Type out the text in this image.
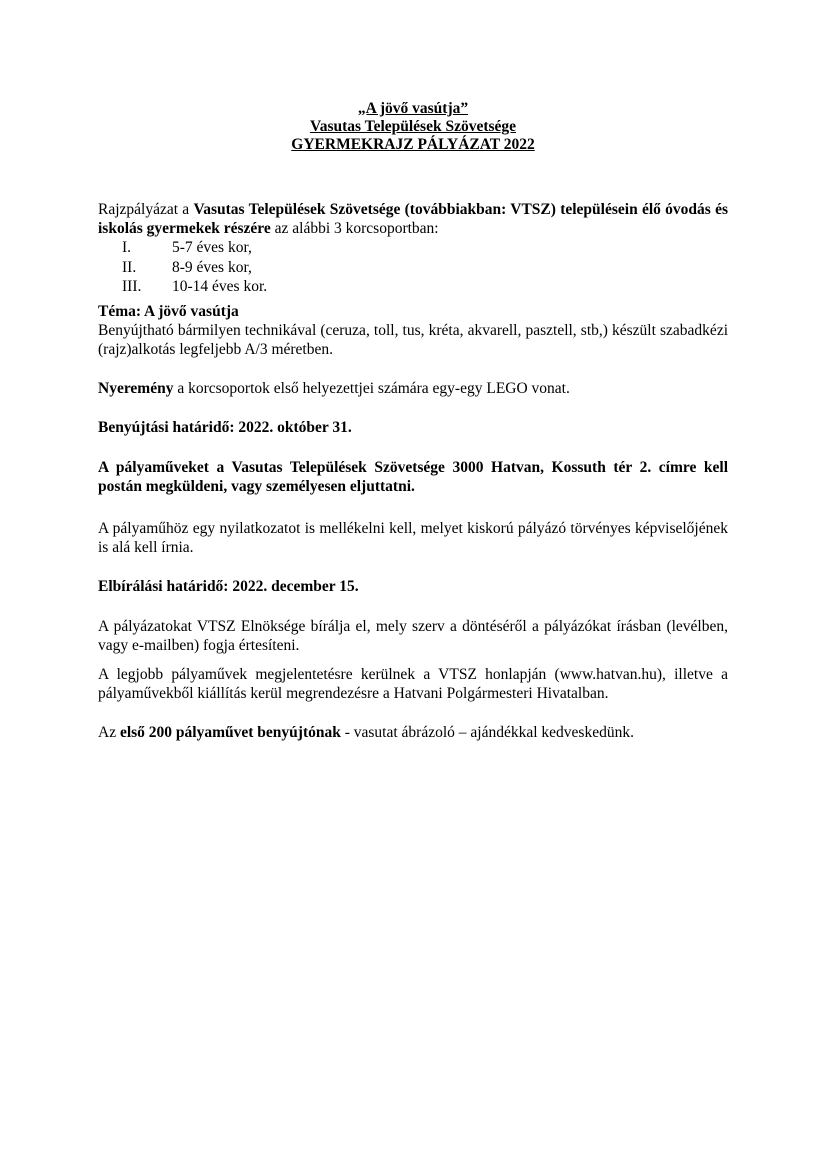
„A jövő vasútja”
Vasutas Települések Szövetsége
GYERMEKRAJZ PÁLYÁZAT 2022

Rajzpályázat a Vasutas Települések Szövetsége (továbbiakban: VTSZ) településein élő óvodás és iskolás gyermekek részére az alábbi 3 korcsoportban:

I.	5-7 éves kor,
II.	8-9 éves kor,
III.	10-14 éves kor.

Téma: A jövő vasútja

Benyújtható bármilyen technikával (ceruza, toll, tus, kréta, akvarell, pasztell, stb,) készült szabadkézi (rajz)alkotás legfeljebb A/3 méretben.

Nyeremény a korcsoportok első helyezettjei számára egy-egy LEGO vonat.

Benyújtási határidő: 2022. október 31.

A pályaműveket a Vasutas Települések Szövetsége 3000 Hatvan, Kossuth tér 2. címre kell postán megküldeni, vagy személyesen eljuttatni.

A pályaműhöz egy nyilatkozatot is mellékelni kell, melyet kiskorú pályázó törvényes képviselőjének is alá kell írnia.

Elbírálási határidő: 2022. december 15.

A pályázatokat VTSZ Elnöksége bírálja el, mely szerv a döntéséről a pályázókat írásban (levélben, vagy e-mailben) fogja értesíteni.

A legjobb pályaművek megjelentetésre kerülnek a VTSZ honlapján (www.hatvan.hu), illetve a pályaművekből kiállítás kerül megrendezésre a Hatvani Polgármesteri Hivatalban.

Az első 200 pályaművet benyújtónak - vasutat ábrázoló – ajándékkal kedveskedünk.
